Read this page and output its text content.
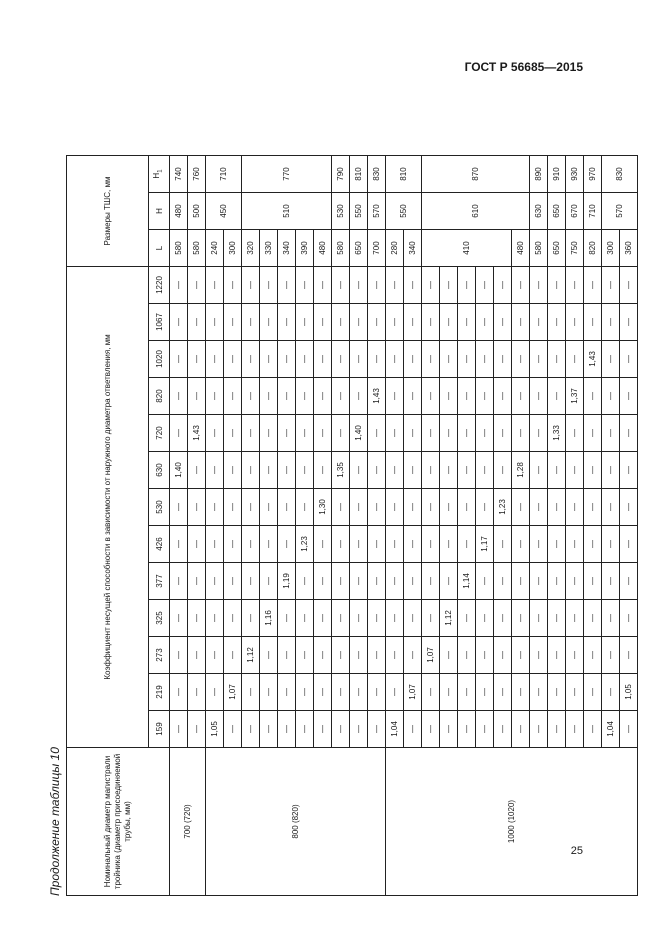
ГОСТ Р 56685—2015
Продолжение таблицы 10	Номинальный диаметр магистрали тройника (диаметр присоединяемой трубы, мм)	Коэффициент несущей способности в зависимости от наружного диаметра ответвления, мм													Размеры ТШС, мм		
	159	219	273	325	377	426	530	630	720	820	1020	1067	1220	L	H	$H_1$
700 (720)	—	—	—	—	—	—	—	1,40	—	—	—	—	—	580	480	740
	—	—	—	—	—	—	—	—	1,43	—	—	—	—	580	500	760
800 (820)	1,05	—	—	—	—	—	—	—	—	—	—	—	—	240	450	710
	—	1,07	—	—	—	—	—	—	—	—	—	—	—	300		
	—	—	1,12	—	—	—	—	—	—	—	—	—	—	320	510	770
	—	—	—	1,16	—	—	—	—	—	—	—	—	—	330		
	—	—	—	—	1,19	—	—	—	—	—	—	—	—	340		
	—	—	—	—	—	1,23	—	—	—	—	—	—	—	390		
	—	—	—	—	—	—	1,30	—	—	—	—	—	—	480		
	—	—	—	—	—	—	—	1,35	—	—	—	—	—	580	530	790
	—	—	—	—	—	—	—	—	1,40	—	—	—	—	650	550	810
	—	—	—	—	—	—	—	—	—	1,43	—	—	—	700	570	830
1000 (1020)	1,04	—	—	—	—	—	—	—	—	—	—	—	—	280	550	810
	—	1,07	—	—	—	—	—	—	—	—	—	—	—	340		
	—	—	1,07	—	—	—	—	—	—	—	—	—	—	410	610	870
	—	—	—	1,12	—	—	—	—	—	—	—	—	—			
	—	—	—	—	1,14	—	—	—	—	—	—	—	—			
	—	—	—	—	—	1,17	—	—	—	—	—	—	—			
	—	—	—	—	—	—	1,23	—	—	—	—	—	—			
	—	—	—	—	—	—	—	1,28	—	—	—	—	—	480		
	—	—	—	—	—	—	—	—	—	—	—	—	—	580	630	890
	—	—	—	—	—	—	—	—	1,33	—	—	—	—	650	650	910
	—	—	—	—	—	—	—	—	—	1,37	—	—	—	750	670	930
	—	—	—	—	—	—	—	—	—	—	1,43	—	—	820	710	970
	1,04	—	—	—	—	—	—	—	—	—	—	—	—	300	570	830
	—	1,05	—	—	—	—	—	—	—	—	—	—	—	360		
25
